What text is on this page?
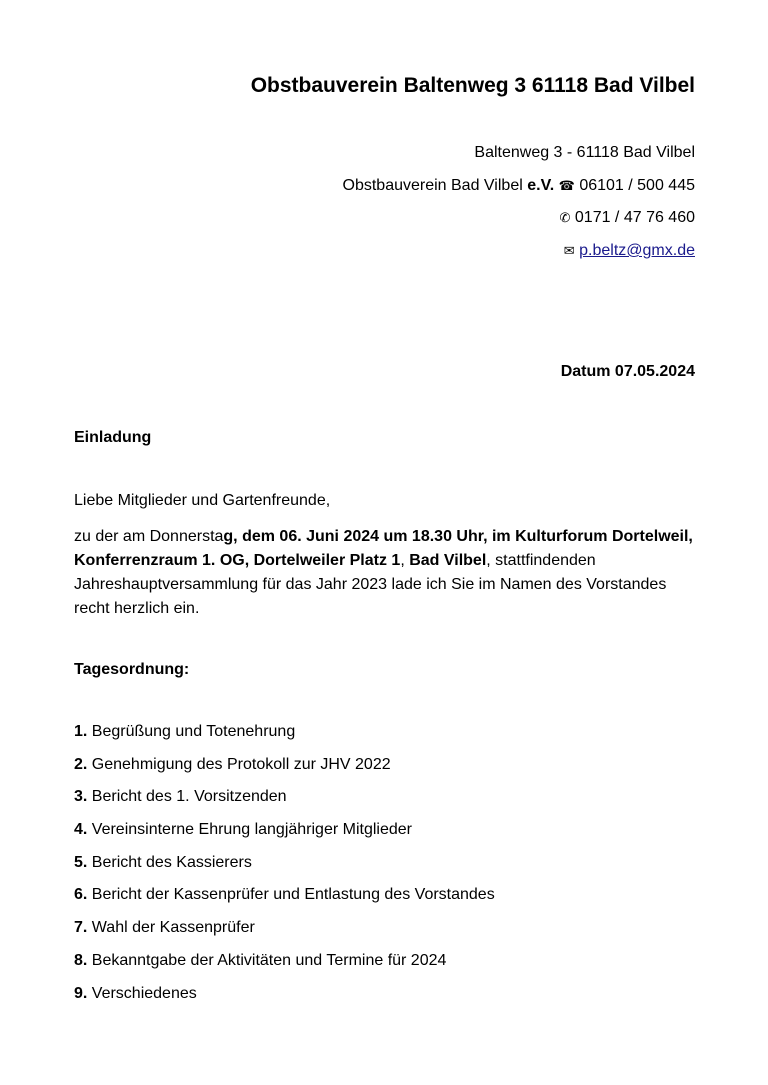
Obstbauverein Baltenweg 3 61118 Bad Vilbel
Baltenweg 3 - 61118 Bad Vilbel
Obstbauverein Bad Vilbel e.V. ☎ 06101 / 500 445
✆ 0171 / 47 76 460
✉ p.beltz@gmx.de
Datum 07.05.2024
Einladung
Liebe Mitglieder und Gartenfreunde,
zu der am Donnerstag, dem 06. Juni 2024 um 18.30 Uhr, im Kulturforum Dortelweil, Konferrenzraum 1. OG, Dortelweiler Platz 1, Bad Vilbel, stattfindenden Jahreshauptversammlung für das Jahr 2023 lade ich Sie im Namen des Vorstandes recht herzlich ein.
Tagesordnung:
1. Begrüßung und Totenehrung
2. Genehmigung des Protokoll zur JHV 2022
3. Bericht des 1. Vorsitzenden
4. Vereinsinterne Ehrung langjähriger Mitglieder
5. Bericht des Kassierers
6. Bericht der Kassenprüfer und Entlastung des Vorstandes
7. Wahl der Kassenprüfer
8. Bekanntgabe der Aktivitäten und Termine für 2024
9. Verschiedenes
